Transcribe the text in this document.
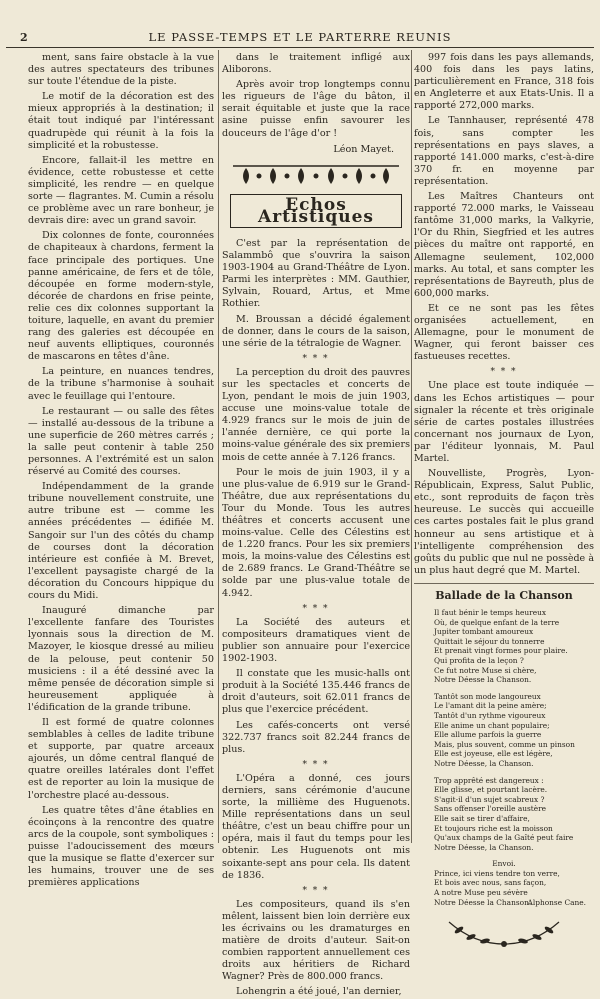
2	LE PASSE-TEMPS ET LE PARTERRE REUNIS

ment, sans faire obstacle à la vue des autres spectateurs des tribunes sur toute l'étendue de la piste.

Le motif de la décoration est des mieux appropriés à la destination; il était tout indiqué par l'intéressant quadrupède qui réunit à la fois la simplicité et la robustesse.

Encore, fallait-il les mettre en évidence, cette robustesse et cette simplicité, les rendre — en quelque sorte — flagrantes. M. Cumin a résolu ce problème avec un rare bonheur, je devrais dire: avec un grand savoir.

Dix colonnes de fonte, couronnées de chapiteaux à chardons, ferment la face principale des portiques. Une panne américaine, de fers et de tôle, découpée en forme modern-style, décorée de chardons en frise peinte, relie ces dix colonnes supportant la toiture, laquelle, en avant du premier rang des galeries est découpée en neuf auvents elliptiques, couronnés de mascarons en têtes d'âne.

La peinture, en nuances tendres, de la tribune s'harmonise à souhait avec le feuillage qui l'entoure.

Le restaurant — ou salle des fêtes — installé au-dessous de la tribune a une superficie de 260 mètres carrés ; la salle peut contenir à table 250 personnes. A l'extrémité est un salon réservé au Comité des courses.

Indépendamment de la grande tribune nouvellement construite, une autre tribune est — comme les années précédentes — édifiée M. Sangoir sur l'un des côtés du champ de courses dont la décoration intérieure est confiée à M. Brevet, l'excellent paysagiste chargé de la décoration du Concours hippique du cours du Midi.

Inauguré dimanche par l'excellente fanfare des Touristes lyonnais sous la direction de M. Mazoyer, le kiosque dressé au milieu de la pelouse, peut contenir 50 musiciens : il a été dessiné avec la même pensée de décoration simple si heureusement appliquée à l'édification de la grande tribune.

Il est formé de quatre colonnes semblables à celles de ladite tribune et supporte, par quatre arceaux ajourés, un dôme central flanqué de quatre oreilles latérales dont l'effet est de reporter au loin la musique de l'orchestre placé au-dessous.

Les quatre têtes d'âne établies en écoinçons à la rencontre des quatre arcs de la coupole, sont symboliques : puisse l'adoucissement des mœurs que la musique se flatte d'exercer sur les humains, trouver une de ses premières applications

dans le traitement infligé aux Aliborons.

Après avoir trop longtemps connu les rigueurs de l'âge du bâton, il serait équitable et juste que la race asine puisse enfin savourer les douceurs de l'âge d'or !

Léon Mayet.

Echos Artistiques

C'est par la représentation de Salammbô que s'ouvrira la saison 1903-1904 au Grand-Théâtre de Lyon. Parmi les interprètes : MM. Gauthier, Sylvain, Rouard, Artus, et Mme Rothier.

M. Broussan a décidé également de donner, dans le cours de la saison, une série de la tétralogie de Wagner.

* * *

La perception du droit des pauvres sur les spectacles et concerts de Lyon, pendant le mois de juin 1903, accuse une moins-value totale de 4.929 francs sur le mois de juin de l'année dernière, ce qui porte la moins-value générale des six premiers mois de cette année à 7.126 francs.

Pour le mois de juin 1903, il y a une plus-value de 6.919 sur le Grand-Théâtre, due aux représentations du Tour du Monde. Tous les autres théâtres et concerts accusent une moins-value. Celle des Célestins est de 1.220 francs. Pour les six premiers mois, la moins-value des Célestins est de 2.689 francs. Le Grand-Théâtre se solde par une plus-value totale de 4.942.

* * *

La Société des auteurs et compositeurs dramatiques vient de publier son annuaire pour l'exercice 1902-1903.

Il constate que les music-halls ont produit à la Société 135.446 francs de droit d'auteurs, soit 62.011 francs de plus que l'exercice précédent.

Les cafés-concerts ont versé 322.737 francs soit 82.244 francs de plus.

* * *

L'Opéra a donné, ces jours derniers, sans cérémonie d'aucune sorte, la millième des Huguenots. Mille représentations dans un seul théâtre, c'est un beau chiffre pour un opéra, mais il faut du temps pour les obtenir. Les Huguenots ont mis soixante-sept ans pour cela. Ils datent de 1836.

* * *

Les compositeurs, quand ils s'en mêlent, laissent bien loin derrière eux les écrivains ou les dramaturges en matière de droits d'auteur. Sait-on combien rapportent annuellement ces droits aux héritiers de Richard Wagner? Près de 800.000 francs.

Lohengrin a été joué, l'an dernier,

997 fois dans les pays allemands, 400 fois dans les pays latins, particulièrement en France, 318 fois en Angleterre et aux Etats-Unis. Il a rapporté 272,000 marks.

Le Tannhauser, représenté 478 fois, sans compter les représentations en pays slaves, a rapporté 141.000 marks, c'est-à-dire 370 fr. en moyenne par représentation.

Les Maîtres Chanteurs ont rapporté 72.000 marks, le Vaisseau fantôme 31,000 marks, la Valkyrie, l'Or du Rhin, Siegfried et les autres pièces du maître ont rapporté, en Allemagne seulement, 102,000 marks. Au total, et sans compter les représentations de Bayreuth, plus de 600,000 marks.

Et ce ne sont pas les fêtes organisées actuellement, en Allemagne, pour le monument de Wagner, qui feront baisser ces fastueuses recettes.

* * *

Une place est toute indiquée — dans les Echos artistiques — pour signaler la récente et très originale série de cartes postales illustrées concernant nos journaux de Lyon, par l'éditeur lyonnais, M. Paul Martel.

Nouvelliste, Progrès, Lyon-Républicain, Express, Salut Public, etc., sont reproduits de façon très heureuse. Le succès qui accueille ces cartes postales fait le plus grand honneur au sens artistique et à l'intelligente compréhension des goûts du public que nul ne possède à un plus haut degré que M. Martel.

Ballade de la Chanson
Il faut bénir le temps heureux
Où, de quelque enfant de la terre
Jupiter tombant amoureux
Quittait le séjour du tonnerre
Et prenait vingt formes pour plaire.
Qui profita de la leçon ?
Ce fut notre Muse si chère,
Notre Déesse la Chanson.
Tantôt son mode langoureux
Le l'amant dit la peine amère;
Tantôt d'un rythme vigoureux
Elle anime un chant populaire;
Elle allume parfois la guerre
Mais, plus souvent, comme un pinson
Elle est joyeuse, elle est légère,
Notre Déesse, la Chanson.
Trop apprêté est dangereux :
Elle glisse, et pourtant lacère.
S'agit-il d'un sujet scabreux ?
Sans offenser l'oreille austère
Elle sait se tirer d'affaire,
Et toujours riche est la moisson
Qu'aux champs de la Gaîté peut faire
Notre Déesse, la Chanson.
Envoi.
Prince, ici viens tendre ton verre,
Et bois avec nous, sans façon,
A notre Muse peu sévère
Notre Déesse la Chanson.
Alphonse Cane.
